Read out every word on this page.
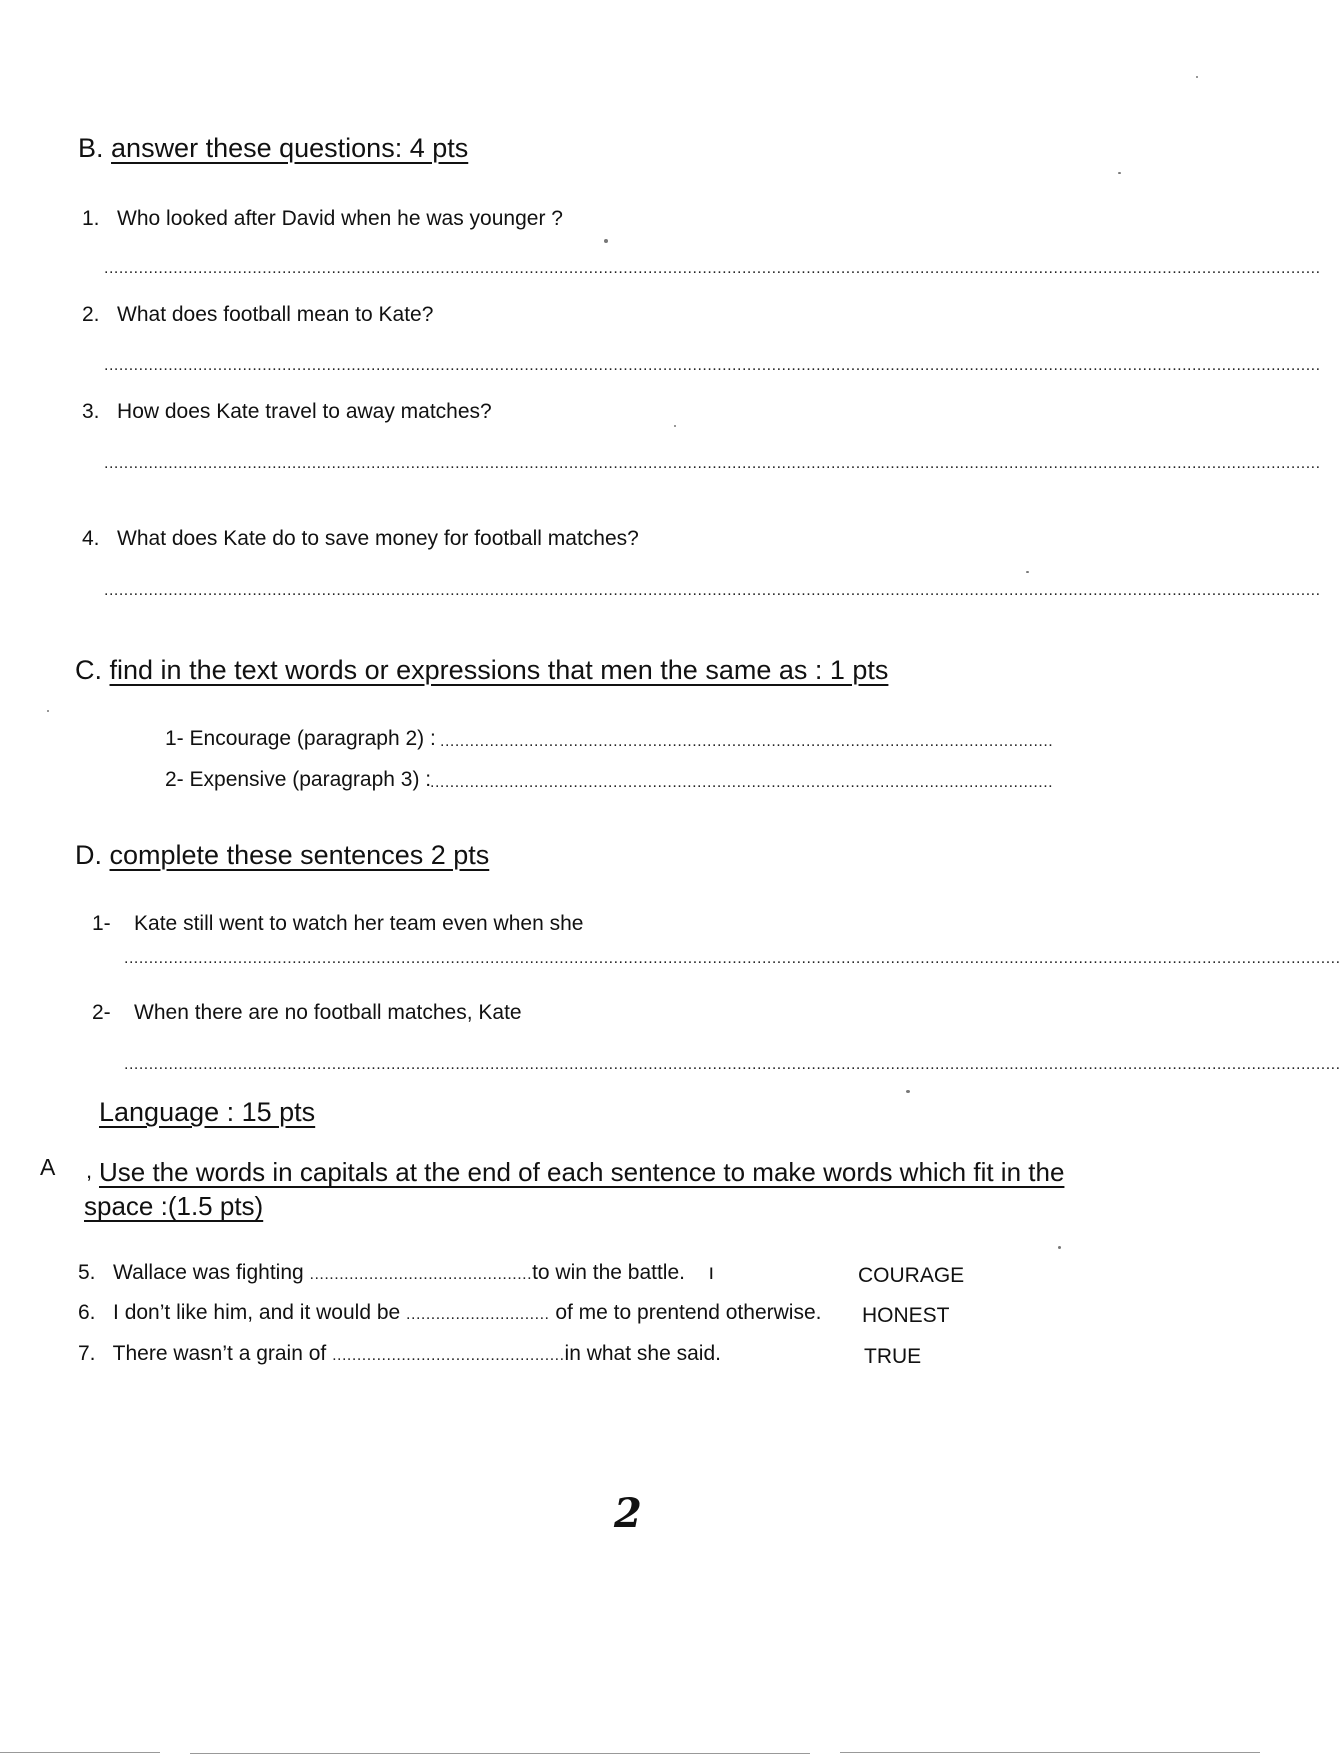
B. answer these questions: 4 pts
1. Who looked after David when he was younger ?
......................................................................................................................................................................................................................................................
2. What does football mean to Kate?
......................................................................................................................................................................................................................................................
3. How does Kate travel to away matches?
......................................................................................................................................................................................................................................................
4. What does Kate do to save money for football matches?
......................................................................................................................................................................................................................................................
C. find in the text words or expressions that men the same as : 1 pts
1- Encourage (paragraph 2) : ............................................................................................................................
2- Expensive (paragraph 3) :
..............................................................................................................................
D. complete these sentences 2 pts
1- Kate still went to watch her team even when she
......................................................................................................................................................................................................................................................
2- When there are no football matches, Kate
......................................................................................................................................................................................................................................................
Language : 15 pts
A , Use the words in capitals at the end of each sentence to make words which fit in the
space :(1.5 pts)
5. Wallace was fighting .............................................to win the battle. ı	COURAGE
6. I don’t like him, and it would be ............................. of me to prentend otherwise. HONEST
7. There wasn’t a grain of ...............................................in what she said.	TRUE
2
